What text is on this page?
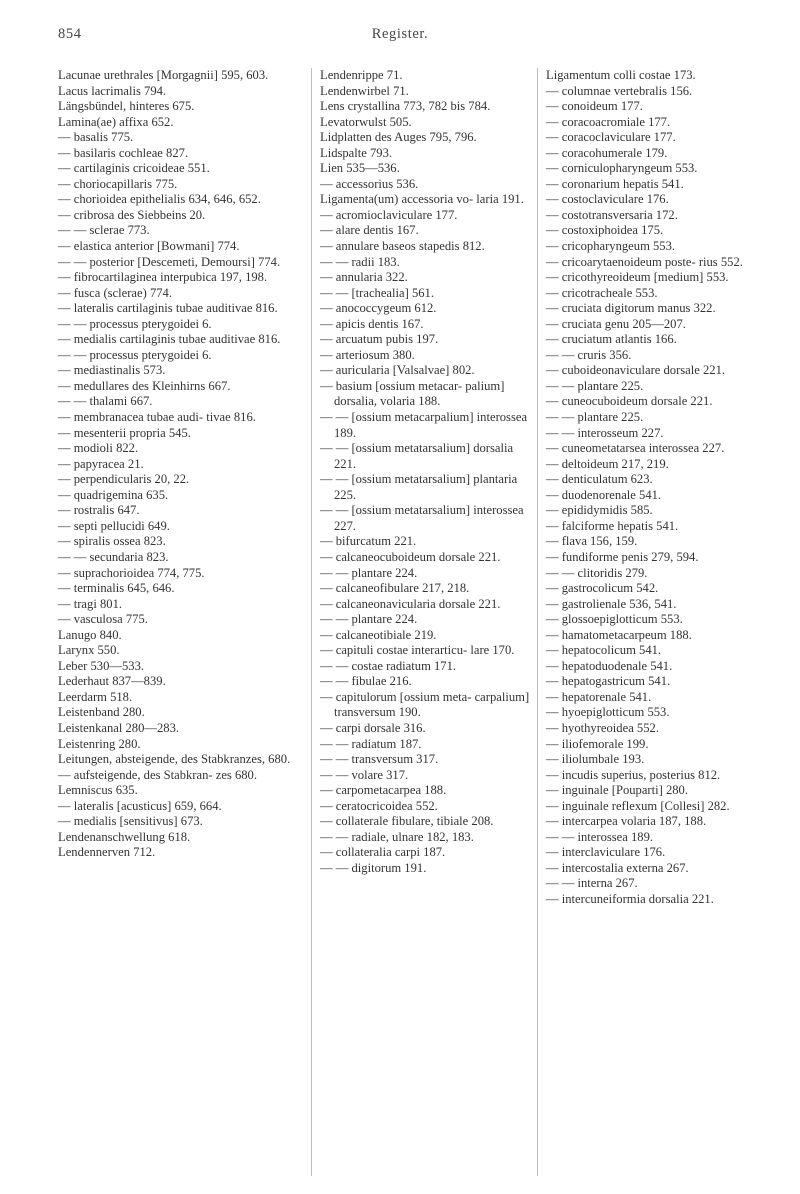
854	Register.

Lacunae urethrales [Morgagnii] 595, 603.

Lacus lacrimalis 794.

Längsbündel, hinteres 675.

Lamina(ae) affixa 652.

— basalis 775.

— basilaris cochleae 827.

— cartilaginis cricoideae 551.

— choriocapillaris 775.

— chorioidea epithelialis 634, 646, 652.

— cribrosa des Siebbeins 20.

— — sclerae 773.

— elastica anterior [Bowmani] 774.

— — posterior [Descemeti, Demoursi] 774.

— fibrocartilaginea interpubica 197, 198.

— fusca (sclerae) 774.

— lateralis cartilaginis tubae auditivae 816.

— — processus pterygoidei 6.

— medialis cartilaginis tubae auditivae 816.

— — processus pterygoidei 6.

— mediastinalis 573.

— medullares des Kleinhirns 667.

— — thalami 667.

— membranacea tubae audi- tivae 816.

— mesenterii propria 545.

— modioli 822.

— papyracea 21.

— perpendicularis 20, 22.

— quadrigemina 635.

— rostralis 647.

— septi pellucidi 649.

— spiralis ossea 823.

— — secundaria 823.

— suprachorioidea 774, 775.

— terminalis 645, 646.

— tragi 801.

— vasculosa 775.

Lanugo 840.

Larynx 550.

Leber 530—533.

Lederhaut 837—839.

Leerdarm 518.

Leistenband 280.

Leistenkanal 280—283.

Leistenring 280.

Leitungen, absteigende, des Stabkranzes, 680.

— aufsteigende, des Stabkran- zes 680.

Lemniscus 635.

— lateralis [acusticus] 659, 664.

— medialis [sensitivus] 673.

Lendenanschwellung 618.

Lendennerven 712.

Lendenrippe 71.

Lendenwirbel 71.

Lens crystallina 773, 782 bis 784.

Levatorwulst 505.

Lidplatten des Auges 795, 796.

Lidspalte 793.

Lien 535—536.

— accessorius 536.

Ligamenta(um) accessoria vo- laria 191.

— acromioclaviculare 177.

— alare dentis 167.

— annulare baseos stapedis 812.

— — radii 183.

— annularia 322.

— — [trachealia] 561.

— anococcygeum 612.

— apicis dentis 167.

— arcuatum pubis 197.

— arteriosum 380.

— auricularia [Valsalvae] 802.

— basium [ossium metacar- palium] dorsalia, volaria 188.

— — [ossium metacarpalium] interossea 189.

— — [ossium metatarsalium] dorsalia 221.

— — [ossium metatarsalium] plantaria 225.

— — [ossium metatarsalium] interossea 227.

— bifurcatum 221.

— calcaneocuboideum dorsale 221.

— — plantare 224.

— calcaneofibulare 217, 218.

— calcaneonavicularia dorsale 221.

— — plantare 224.

— calcaneotibiale 219.

— capituli costae interarticu- lare 170.

— — costae radiatum 171.

— — fibulae 216.

— capitulorum [ossium meta- carpalium] transversum 190.

— carpi dorsale 316.

— — radiatum 187.

— — transversum 317.

— — volare 317.

— carpometacarpea 188.

— ceratocricoidea 552.

— collaterale fibulare, tibiale 208.

— — radiale, ulnare 182, 183.

— collateralia carpi 187.

— — digitorum 191.

Ligamentum colli costae 173.

— columnae vertebralis 156.

— conoideum 177.

— coracoacromiale 177.

— coracoclaviculare 177.

— coracohumerale 179.

— corniculopharyngeum 553.

— coronarium hepatis 541.

— costoclaviculare 176.

— costotransversaria 172.

— costoxiphoidea 175.

— cricopharyngeum 553.

— cricoarytaenoideum poste- rius 552.

— cricothyreoideum [medium] 553.

— cricotracheale 553.

— cruciata digitorum manus 322.

— cruciata genu 205—207.

— cruciatum atlantis 166.

— — cruris 356.

— cuboideonaviculare dorsale 221.

— — plantare 225.

— cuneocuboideum dorsale 221.

— — plantare 225.

— — interosseum 227.

— cuneometatarsea interossea 227.

— deltoideum 217, 219.

— denticulatum 623.

— duodenorenale 541.

— epididymidis 585.

— falciforme hepatis 541.

— flava 156, 159.

— fundiforme penis 279, 594.

— — clitoridis 279.

— gastrocolicum 542.

— gastrolienale 536, 541.

— glossoepiglotticum 553.

— hamatometacarpeum 188.

— hepatocolicum 541.

— hepatoduodenale 541.

— hepatogastricum 541.

— hepatorenale 541.

— hyoepiglotticum 553.

— hyothyreoidea 552.

— iliofemorale 199.

— iliolumbale 193.

— incudis superius, posterius 812.

— inguinale [Pouparti] 280.

— inguinale reflexum [Collesi] 282.

— intercarpea volaria 187, 188.

— — interossea 189.

— interclaviculare 176.

— intercostalia externa 267.

— — interna 267.

— intercuneiformia dorsalia 221.
